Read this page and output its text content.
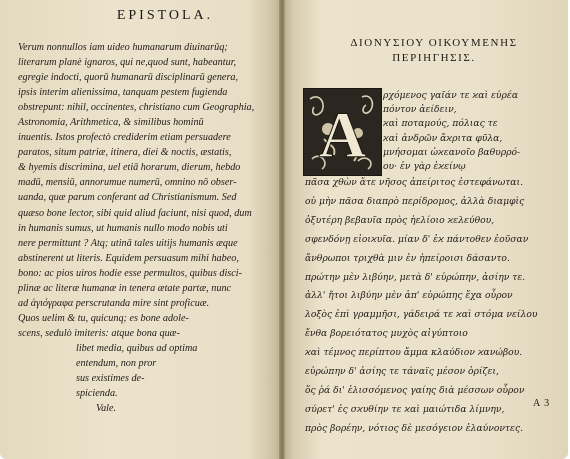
EPISTOLA.
Verum nonnullos iam uideo humanarum diuinarūq;
literarum planè ignaros, qui ne,quod sunt, habeantur,
egregie indocti, quorū humanarū disciplinarū genera,
ipsis interim alienissima, tanquam pestem fugienda
obstrepunt: nihil, occinentes, christiano cum Geographia,
Astronomia, Arithmetica, & similibus hominū
inuentis. Istos profectò crediderim etiam persuadere
paratos, situm patriæ, itinera, diei & noctis, æstatis,
& hyemis discrimina, uel etiā horarum, dierum, hebdo
madū, mensiū, annorumue numerū, omnino nō obser-
uanda, quæ parum conferant ad Christianismum. Sed
quæso bone lector, sibi quid aliud faciunt, nisi quod, dum
in humanis sumus, ut humanis nullo modo nobis uti
nere permittunt ? Atq; utinā tales uitijs humanis æque
abstinerent ut literis. Equidem persuasum mihi habeo,
bono: ac pios uiros hodie esse permultos, quibus disci-
plinæ ac literæ humanæ in tenera ætate partæ, nunc
ad ἁγιόγραφα perscrutanda mire sint proficuæ.
Quos uelim & tu, quicunq; es bone adole-
scens, sedulò imiteris: atque bona quæ-
libet media, quibus ad optima
entendum, non pror
sus existimes de-
spicienda.
Vale.
ΔΙΟΝΥΣΙΟΥ ΟΙΚΟΥΜΕΝΗΣ
ΠΕΡΙΗΓΗΣΙΣ.
A
ρχόμενος γαῖάν τε ϰαὶ εὐρέα
πόντον ἀείδειν,
ϰαὶ ποταμούς, πόλιας τε
ϰαὶ ἀνδρῶν ἄϰριτα φῦλα,
μνήσομαι ὠϰεανοῖο βαθυρρό-
ου· ἐν γὰρ ἐϰείνῳ
πᾶσα χθὼν ἅτε νῆσος ἀπείριτος ἐστεφάνωται.
οὐ μὴν πᾶσα διαπρὸ περίδρομος, ἀλλὰ διαμφὶς
ὀξυτέρη βεβαυῖα πρὸς ἠελίοιο ϰελεύθου,
σφενδόνῃ εἰοιϰυῖα. μίαν δ' ἐϰ πάντοθεν ἐοῦσαν
ἄνθρωποι τριχθὰ μιν ἐν ἠπείροισι δάσαντο.
πρώτην μὲν λιβύην, μετὰ δ' εὐρώπην, ἀσίην τε.
ἀλλ' ἤτοι λιβύην μὲν ἀπ' εὐρώπης ἕχα οὖρον
λοξὸς ἐπὶ γραμμῆσι, γάδειρά τε ϰαὶ στόμα νείλου
ἔνθα βορειότατος μυχὸς αἰγύπτοιο
ϰαὶ τέμνος περίπτου ἄμμα κλαύδιον ϰανώβου.
εὐρώπην δ' ἀσίης τε τάναϊς μέσον ὁρίζει,
ὅς ῥά δι' ἐλισσόμενος γαίης διὰ μέσσων οὖρον
σύρετ' ἐς σϰυθίην τε ϰαὶ μαιώτιδα λίμνην,
πρὸς βορέην, νότιος δὲ μεσόγειον ἐλαύνοντες.
A 3
